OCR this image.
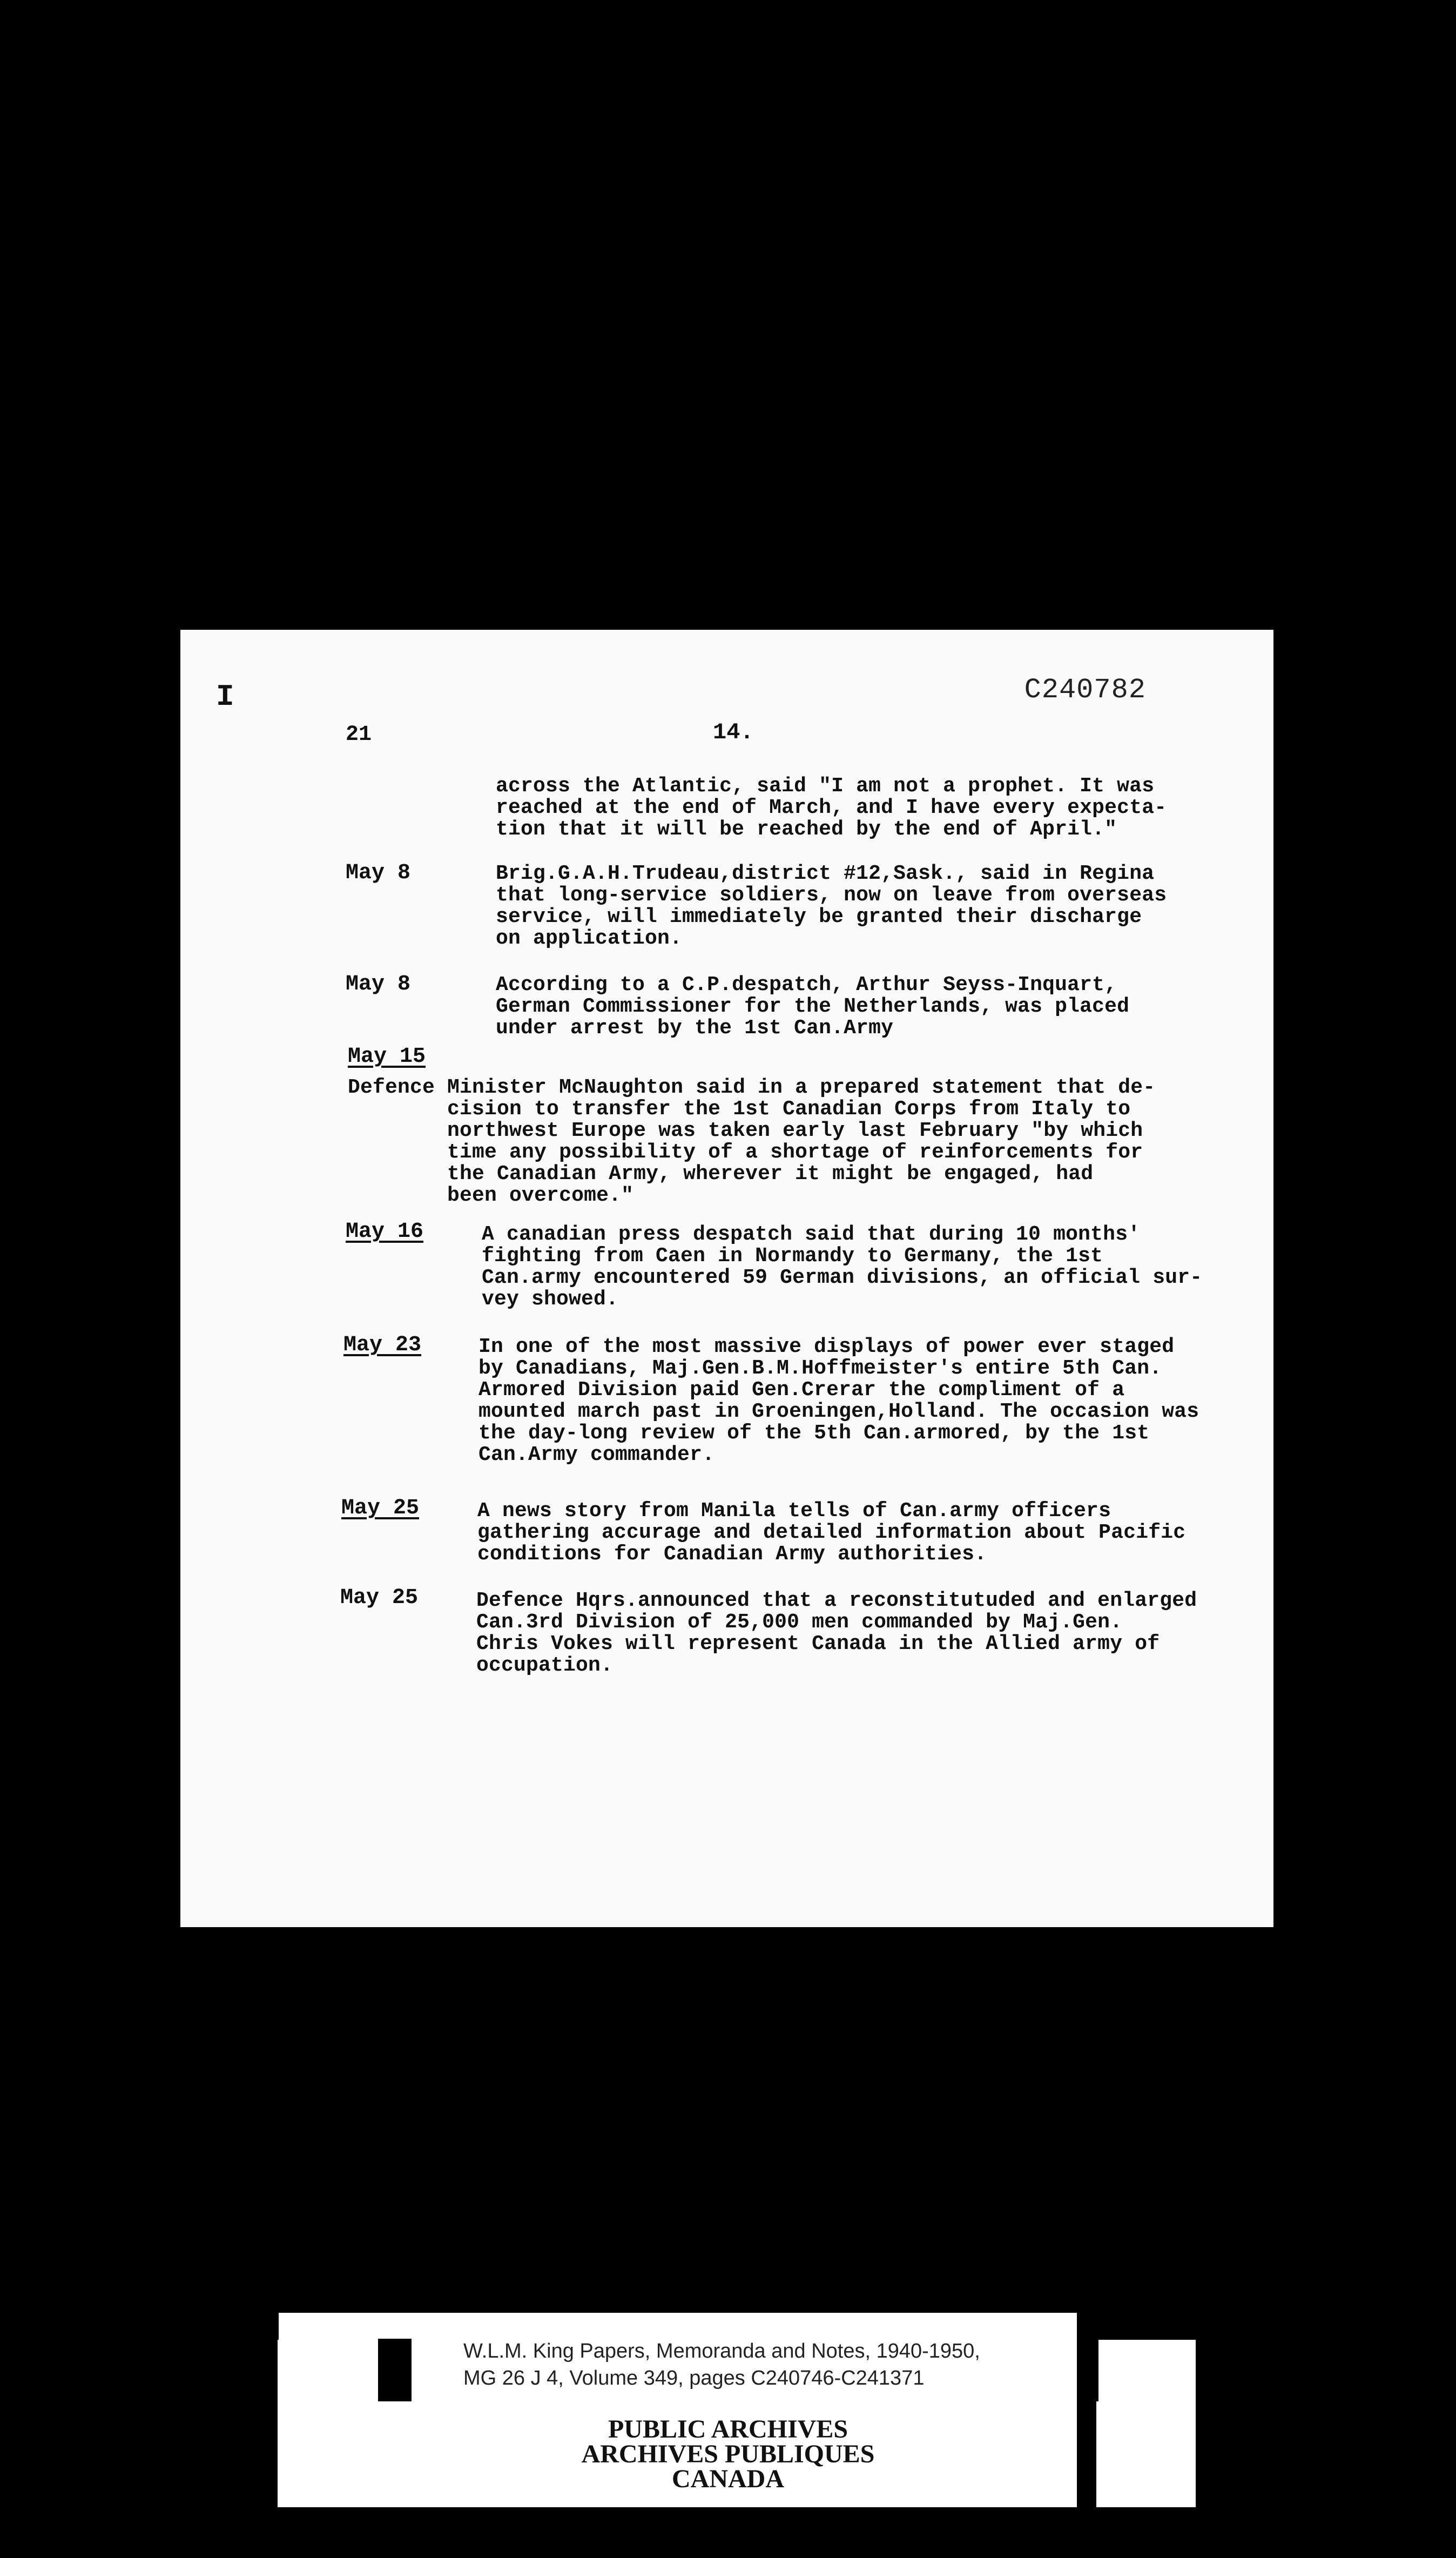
I	C240782
21	14.
across the Atlantic, said "I am not a prophet. It was
reached at the end of March, and I have every expecta-
tion that it will be reached by the end of April."
May 8	Brig.G.A.H.Trudeau,district #12,Sask., said in Regina
that long-service soldiers, now on leave from overseas
service, will immediately be granted their discharge
on application.
May 8	According to a C.P.despatch, Arthur Seyss-Inquart,
German Commissioner for the Netherlands, was placed
under arrest by the 1st Can.Army
May 15
Defence Minister McNaughton said in a prepared statement that de-
cision to transfer the 1st Canadian Corps from Italy to
northwest Europe was taken early last February "by which
time any possibility of a shortage of reinforcements for
the Canadian Army, wherever it might be engaged, had
been overcome."
May 16	A canadian press despatch said that during 10 months'
fighting from Caen in Normandy to Germany, the 1st
Can.army encountered 59 German divisions, an official sur-
vey showed.
May 23	In one of the most massive displays of power ever staged
by Canadians, Maj.Gen.B.M.Hoffmeister's entire 5th Can.
Armored Division paid Gen.Crerar the compliment of a
mounted march past in Groeningen,Holland. The occasion was
the day-long review of the 5th Can.armored, by the 1st
Can.Army commander.
May 25	A news story from Manila tells of Can.army officers
gathering accurage and detailed information about Pacific
conditions for Canadian Army authorities.
May 25	Defence Hqrs.announced that a reconstitutuded and enlarged
Can.3rd Division of 25,000 men commanded by Maj.Gen.
Chris Vokes will represent Canada in the Allied army of
occupation.
W.L.M. King Papers, Memoranda and Notes, 1940-1950,
MG 26 J 4, Volume 349, pages C240746-C241371
PUBLIC ARCHIVES
ARCHIVES PUBLIQUES
CANADA
